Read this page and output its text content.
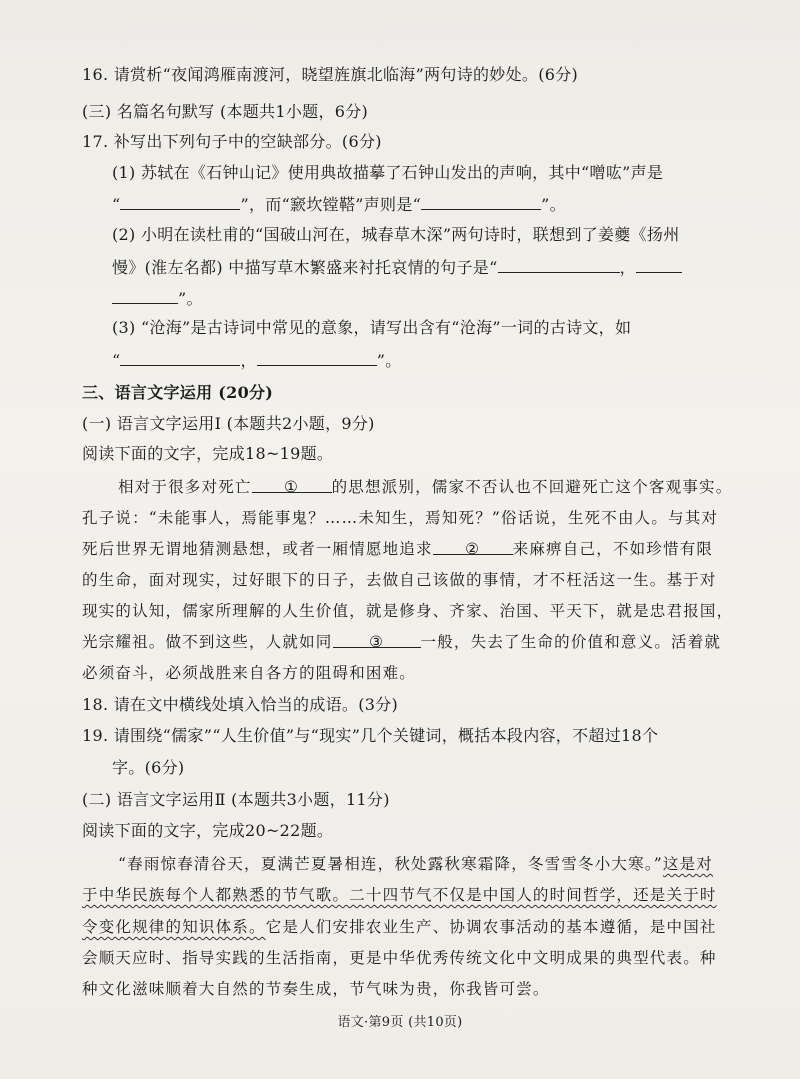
16. 请赏析“夜闻鸿雁南渡河，晓望旌旗北临海”两句诗的妙处。(6分)
(三) 名篇名句默写 (本题共1小题，6分)
17. 补写出下列句子中的空缺部分。(6分)
(1) 苏轼在《石钟山记》使用典故描摹了石钟山发出的声响，其中“噌吰”声是
“	”，而“窾坎镗鞳”声则是“	”。
(2) 小明在读杜甫的“国破山河在，城春草木深”两句诗时，联想到了姜夔《扬州
慢》(淮左名都) 中描写草木繁盛来衬托哀情的句子是“	，
”。
(3) “沧海”是古诗词中常见的意象，请写出含有“沧海”一词的古诗文，如
“	，	”。
三、语言文字运用 (20分)
(一) 语言文字运用Ⅰ (本题共2小题，9分)
阅读下面的文字，完成18~19题。
相对于很多对死亡 ① 的思想派别，儒家不否认也不回避死亡这个客观事实。
孔子说：“未能事人，焉能事鬼？……未知生，焉知死？”俗话说，生死不由人。与其对
死后世界无谓地猜测悬想，或者一厢情愿地追求 ② 来麻痹自己，不如珍惜有限
的生命，面对现实，过好眼下的日子，去做自己该做的事情，才不枉活这一生。基于对
现实的认知，儒家所理解的人生价值，就是修身、齐家、治国、平天下，就是忠君报国，
光宗耀祖。做不到这些，人就如同 ③ 一般，失去了生命的价值和意义。活着就
必须奋斗，必须战胜来自各方的阻碍和困难。
18. 请在文中横线处填入恰当的成语。(3分)
19. 请围绕“儒家”“人生价值”与“现实”几个关键词，概括本段内容，不超过18个
字。(6分)
(二) 语言文字运用Ⅱ (本题共3小题，11分)
阅读下面的文字，完成20~22题。
“春雨惊春清谷天，夏满芒夏暑相连，秋处露秋寒霜降，冬雪雪冬小大寒。”这是对
于中华民族每个人都熟悉的节气歌。二十四节气不仅是中国人的时间哲学，还是关于时
令变化规律的知识体系。它是人们安排农业生产、协调农事活动的基本遵循，是中国社
会顺天应时、指导实践的生活指南，更是中华优秀传统文化中文明成果的典型代表。种
种文化滋味顺着大自然的节奏生成，节气味为贵，你我皆可尝。
语文·第9页 (共10页)
